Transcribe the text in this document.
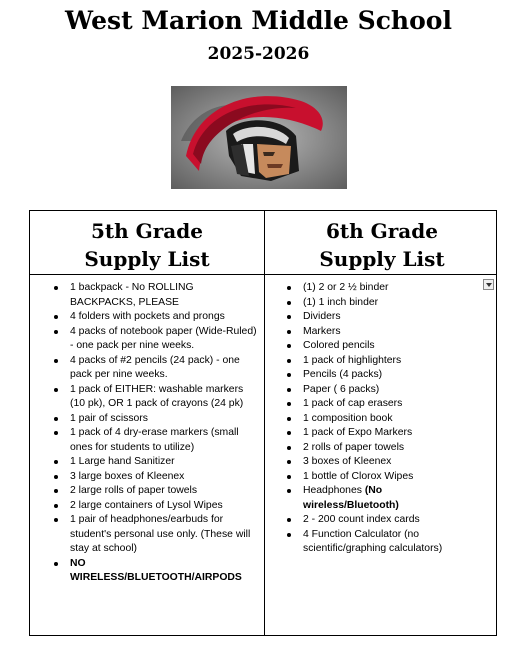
West Marion Middle School
2025-2026
5th Grade
Supply List
6th Grade
Supply List
1 backpack - No ROLLING BACKPACKS, PLEASE
4 folders with pockets and prongs
4 packs of notebook paper (Wide-Ruled) - one pack per nine weeks.
4 packs of #2 pencils (24 pack) - one pack per nine weeks.
1 pack of EITHER: washable markers (10 pk), OR 1 pack of crayons (24 pk)
1 pair of scissors
1 pack of 4 dry-erase markers (small ones for students to utilize)
1 Large hand Sanitizer
3 large boxes of Kleenex
2 large rolls of paper towels
2 large containers of Lysol Wipes
1 pair of headphones/earbuds for student's personal use only. (These will stay at school)
NO WIRELESS/BLUETOOTH/AIRPODS
(1) 2 or 2 ½ binder
(1) 1 inch binder
Dividers
Markers
Colored pencils
1 pack of highlighters
Pencils (4 packs)
Paper ( 6 packs)
1 pack of cap erasers
1 composition book
1 pack of Expo Markers
2 rolls of paper towels
3 boxes of Kleenex
1 bottle of Clorox Wipes
Headphones (No wireless/Bluetooth)
2 - 200 count index cards
4 Function Calculator (no scientific/graphing calculators)
